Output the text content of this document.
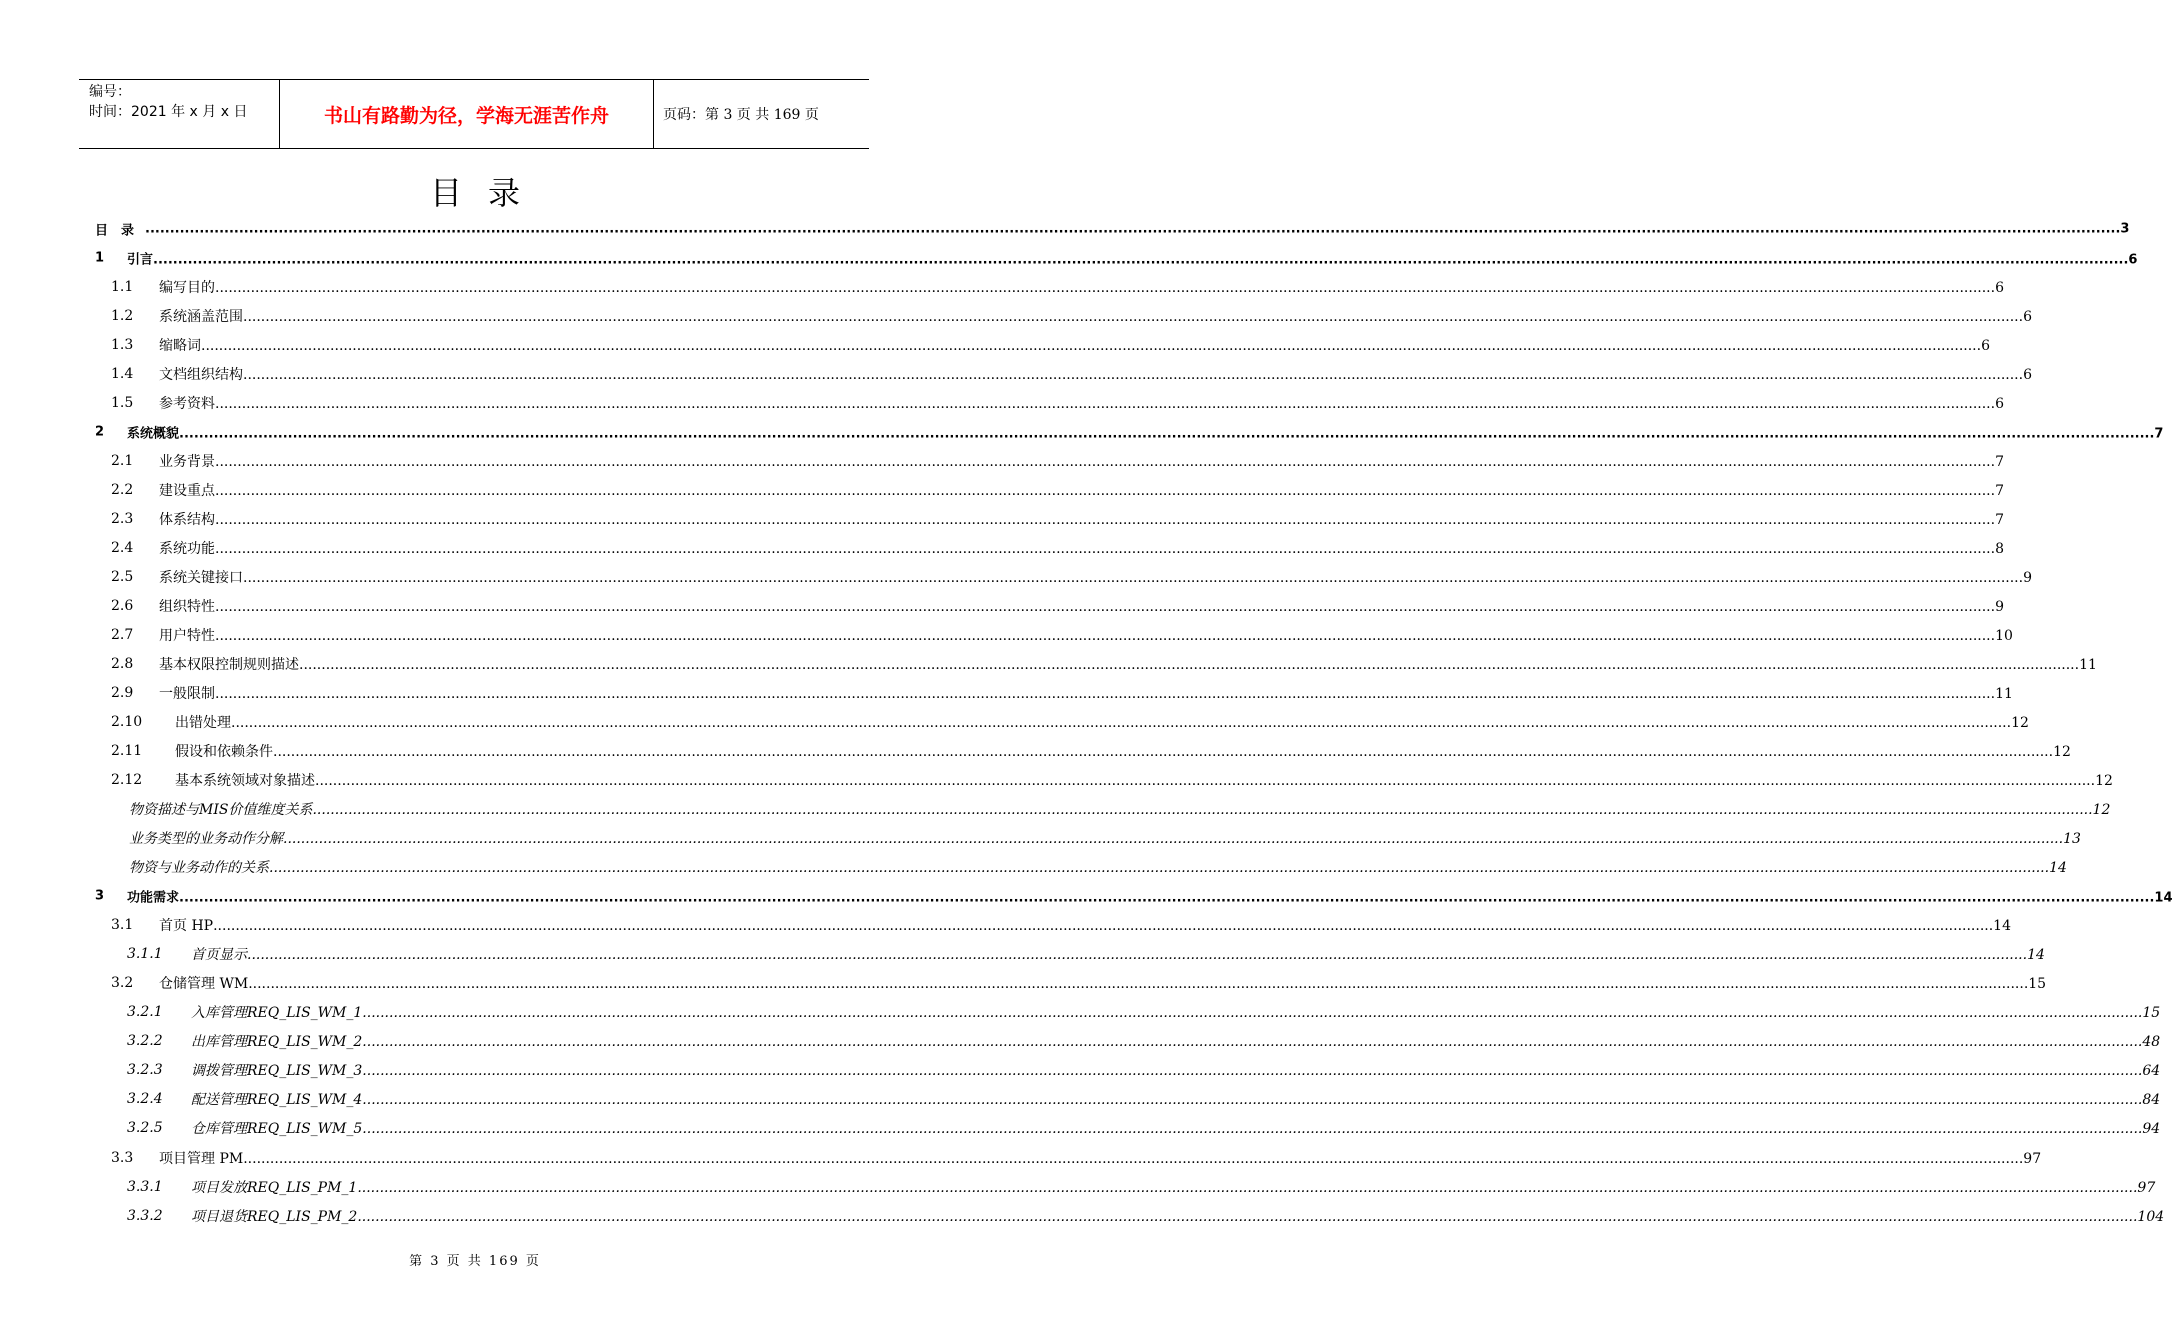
编号：
时间：2021 年 x 月 x 日	书山有路勤为径，学海无涯苦作舟	页码：第 3 页 共 169 页
目录
目　录 ................................................................................................................................................................................................................................................................................................................................................................................................................ 3
1 引言 ................................................................................................................................................................................................................................................................................................................................................................................................................ 6
1.1 编写目的 ................................................................................................................................................................................................................................................................................................................................................................................................................ 6
1.2 系统涵盖范围 ................................................................................................................................................................................................................................................................................................................................................................................................................ 6
1.3 缩略词 ................................................................................................................................................................................................................................................................................................................................................................................................................ 6
1.4 文档组织结构 ................................................................................................................................................................................................................................................................................................................................................................................................................ 6
1.5 参考资料 ................................................................................................................................................................................................................................................................................................................................................................................................................ 6
2 系统概貌 ................................................................................................................................................................................................................................................................................................................................................................................................................ 7
2.1 业务背景 ................................................................................................................................................................................................................................................................................................................................................................................................................ 7
2.2 建设重点 ................................................................................................................................................................................................................................................................................................................................................................................................................ 7
2.3 体系结构 ................................................................................................................................................................................................................................................................................................................................................................................................................ 7
2.4 系统功能 ................................................................................................................................................................................................................................................................................................................................................................................................................ 8
2.5 系统关键接口 ................................................................................................................................................................................................................................................................................................................................................................................................................ 9
2.6 组织特性 ................................................................................................................................................................................................................................................................................................................................................................................................................ 9
2.7 用户特性 ................................................................................................................................................................................................................................................................................................................................................................................................................ 10
2.8 基本权限控制规则描述 ................................................................................................................................................................................................................................................................................................................................................................................................................ 11
2.9 一般限制 ................................................................................................................................................................................................................................................................................................................................................................................................................ 11
2.10 出错处理 ................................................................................................................................................................................................................................................................................................................................................................................................................ 12
2.11 假设和依赖条件 ................................................................................................................................................................................................................................................................................................................................................................................................................ 12
2.12 基本系统领域对象描述 ................................................................................................................................................................................................................................................................................................................................................................................................................ 12
物资描述与MIS价值维度关系 ................................................................................................................................................................................................................................................................................................................................................................................................................ 12
业务类型的业务动作分解 ................................................................................................................................................................................................................................................................................................................................................................................................................ 13
物资与业务动作的关系 ................................................................................................................................................................................................................................................................................................................................................................................................................ 14
3 功能需求 ................................................................................................................................................................................................................................................................................................................................................................................................................ 14
3.1 首页 HP ................................................................................................................................................................................................................................................................................................................................................................................................................ 14
3.1.1 首页显示 ................................................................................................................................................................................................................................................................................................................................................................................................................ 14
3.2 仓储管理 WM ................................................................................................................................................................................................................................................................................................................................................................................................................ 15
3.2.1 入库管理REQ_LIS_WM_1 ................................................................................................................................................................................................................................................................................................................................................................................................................ 15
3.2.2 出库管理REQ_LIS_WM_2 ................................................................................................................................................................................................................................................................................................................................................................................................................ 48
3.2.3 调拨管理REQ_LIS_WM_3 ................................................................................................................................................................................................................................................................................................................................................................................................................ 64
3.2.4 配送管理REQ_LIS_WM_4 ................................................................................................................................................................................................................................................................................................................................................................................................................ 84
3.2.5 仓库管理REQ_LIS_WM_5 ................................................................................................................................................................................................................................................................................................................................................................................................................ 94
3.3 项目管理 PM ................................................................................................................................................................................................................................................................................................................................................................................................................ 97
3.3.1 项目发放REQ_LIS_PM_1 ................................................................................................................................................................................................................................................................................................................................................................................................................ 97
3.3.2 项目退货REQ_LIS_PM_2 ................................................................................................................................................................................................................................................................................................................................................................................................................ 104
第 3 页 共 169 页
